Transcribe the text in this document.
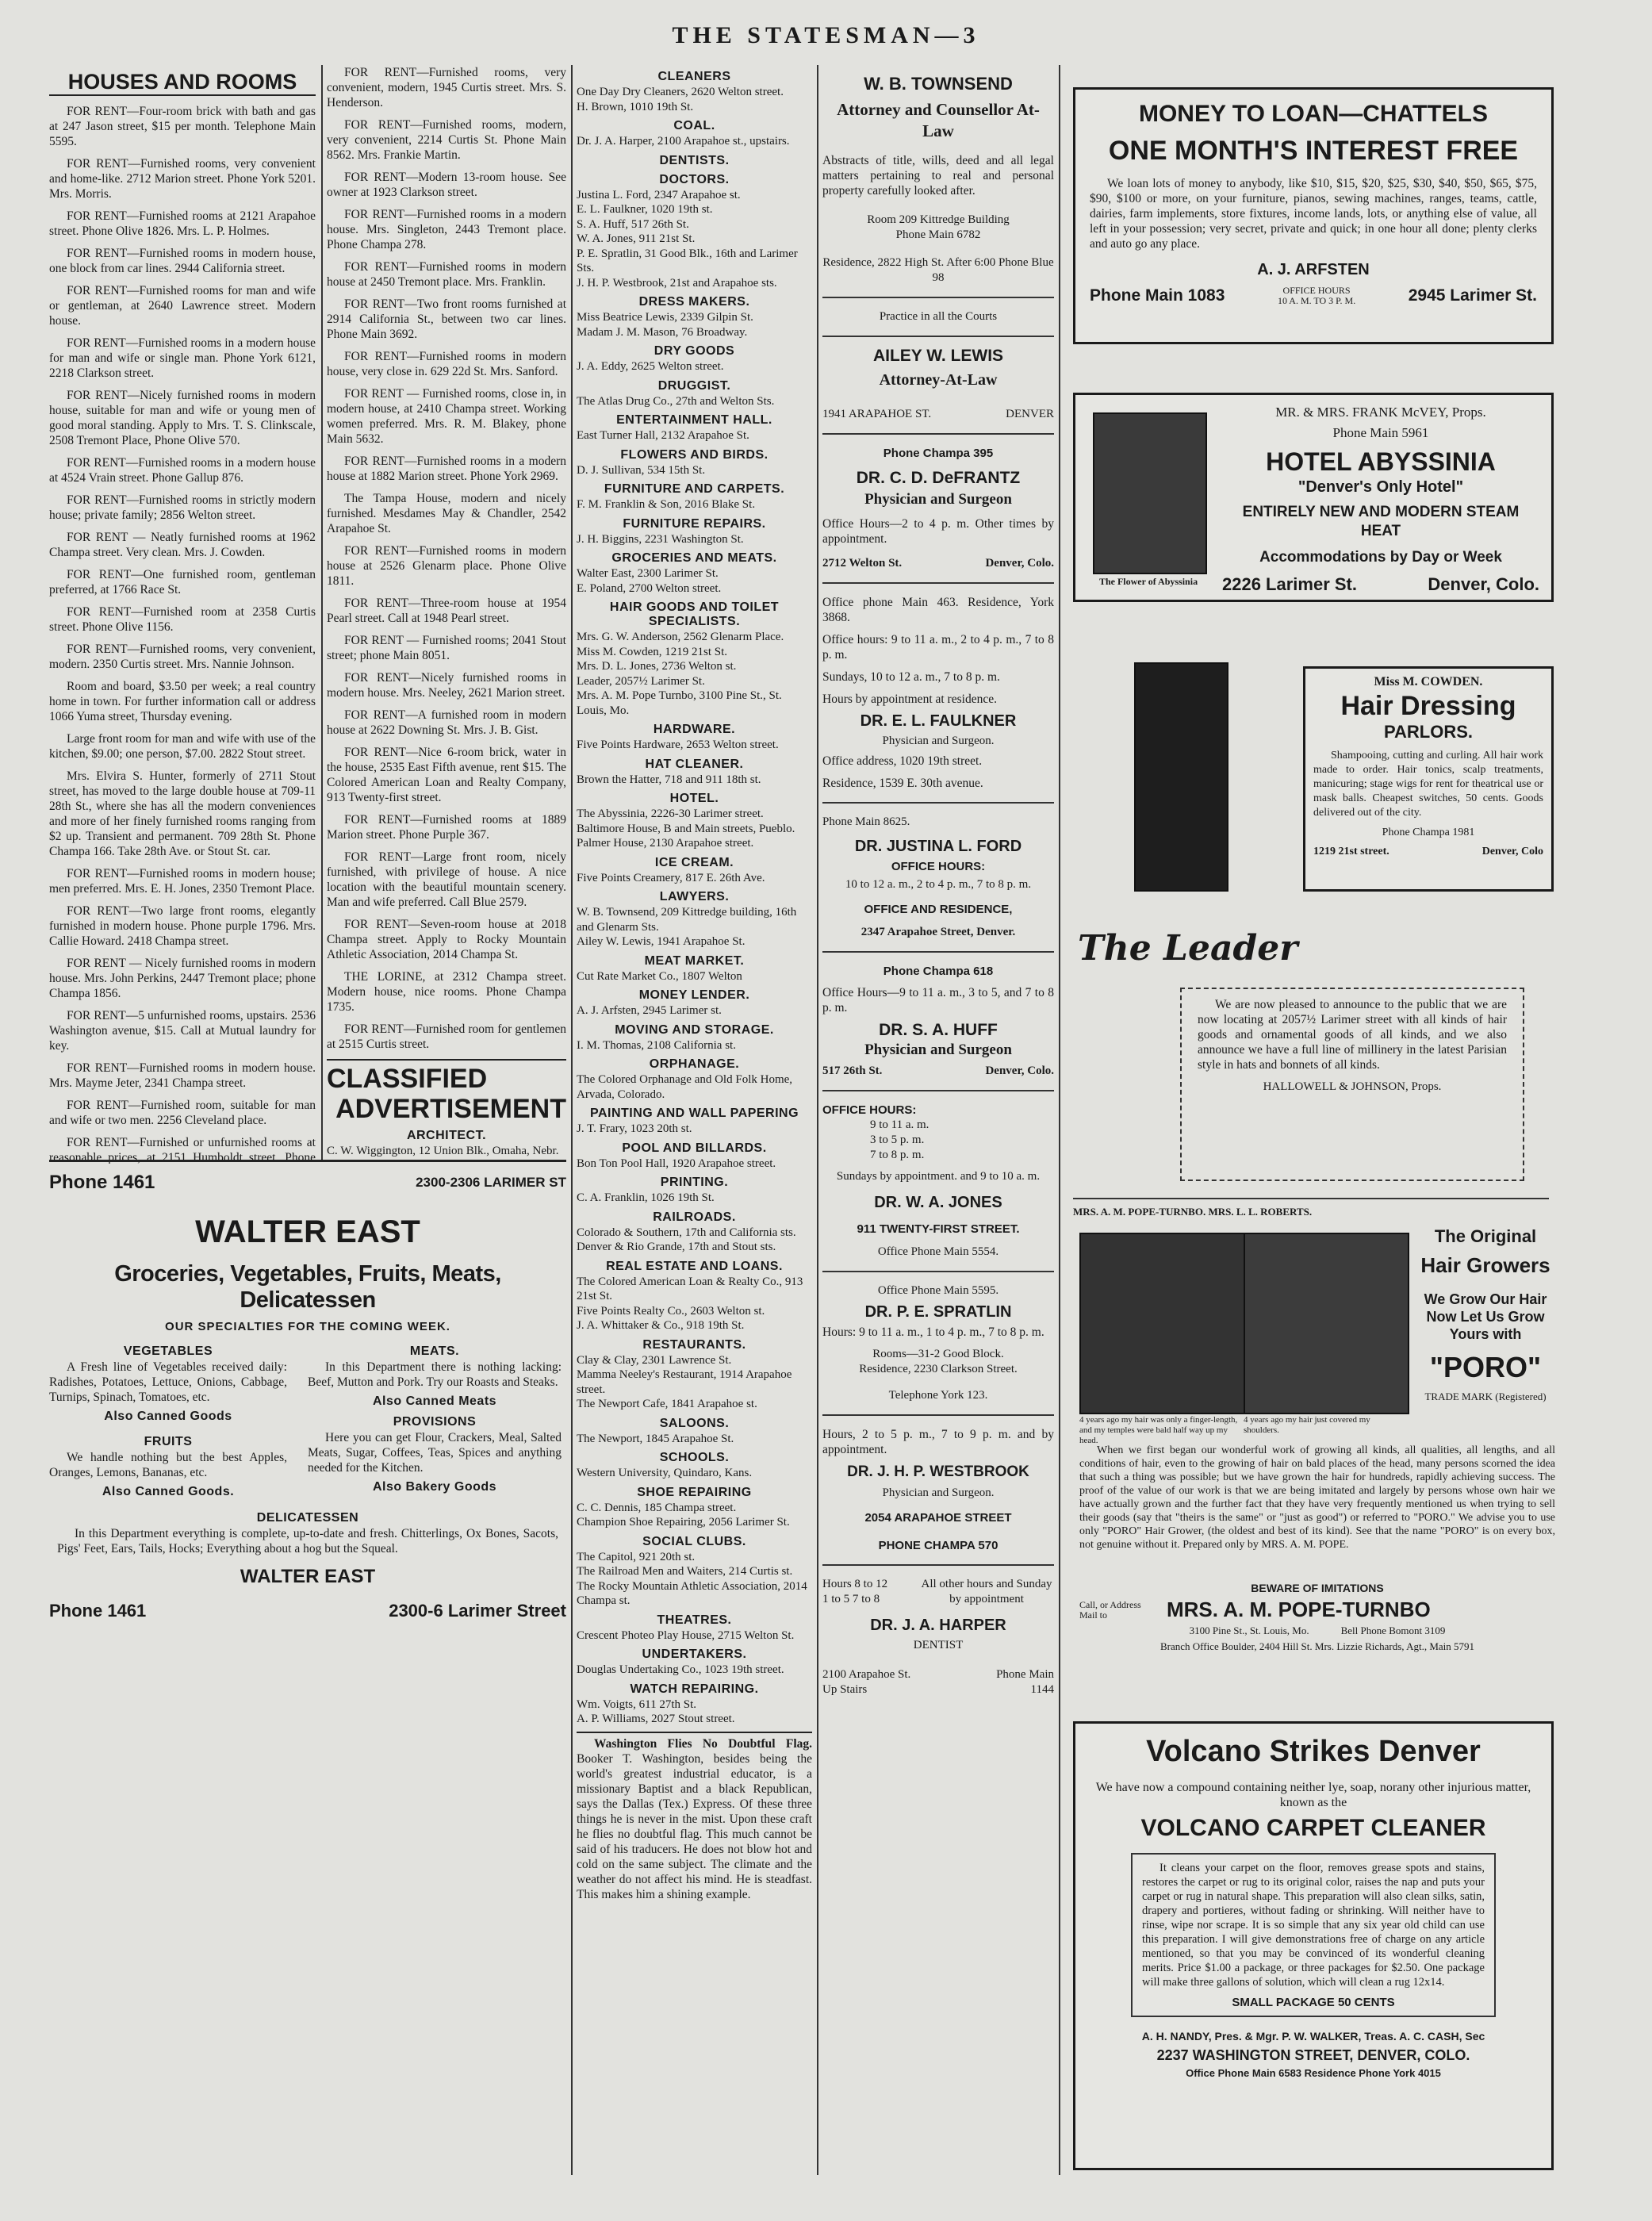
THE STATESMAN—3
HOUSES AND ROOMS

FOR RENT—Four-room brick with bath and gas at 247 Jason street, $15 per month. Telephone Main 5595.

FOR RENT—Furnished rooms, very convenient and home-like. 2712 Marion street. Phone York 5201. Mrs. Morris.

FOR RENT—Furnished rooms at 2121 Arapahoe street. Phone Olive 1826. Mrs. L. P. Holmes.

FOR RENT—Furnished rooms in modern house, one block from car lines. 2944 California street.

FOR RENT—Furnished rooms for man and wife or gentleman, at 2640 Lawrence street. Modern house.

FOR RENT—Furnished rooms in a modern house for man and wife or single man. Phone York 6121, 2218 Clarkson street.

FOR RENT—Nicely furnished rooms in modern house, suitable for man and wife or young men of good moral standing. Apply to Mrs. T. S. Clinkscale, 2508 Tremont Place, Phone Olive 570.

FOR RENT—Furnished rooms in a modern house at 4524 Vrain street. Phone Gallup 876.

FOR RENT—Furnished rooms in strictly modern house; private family; 2856 Welton street.

FOR RENT — Neatly furnished rooms at 1962 Champa street. Very clean. Mrs. J. Cowden.

FOR RENT—One furnished room, gentleman preferred, at 1766 Race St.

FOR RENT—Furnished room at 2358 Curtis street. Phone Olive 1156.

FOR RENT—Furnished rooms, very convenient, modern. 2350 Curtis street. Mrs. Nannie Johnson.

Room and board, $3.50 per week; a real country home in town. For further information call or address 1066 Yuma street, Thursday evening.

Large front room for man and wife with use of the kitchen, $9.00; one person, $7.00. 2822 Stout street.

Mrs. Elvira S. Hunter, formerly of 2711 Stout street, has moved to the large double house at 709-11 28th St., where she has all the modern conveniences and more of her finely furnished rooms ranging from $2 up. Transient and permanent. 709 28th St. Phone Champa 166. Take 28th Ave. or Stout St. car.

FOR RENT—Furnished rooms in modern house; men preferred. Mrs. E. H. Jones, 2350 Tremont Place.

FOR RENT—Two large front rooms, elegantly furnished in modern house. Phone purple 1796. Mrs. Callie Howard. 2418 Champa street.

FOR RENT — Nicely furnished rooms in modern house. Mrs. John Perkins, 2447 Tremont place; phone Champa 1856.

FOR RENT—5 unfurnished rooms, upstairs. 2536 Washington avenue, $15. Call at Mutual laundry for key.

FOR RENT—Furnished rooms in modern house. Mrs. Mayme Jeter, 2341 Champa street.

FOR RENT—Furnished room, suitable for man and wife or two men. 2256 Cleveland place.

FOR RENT—Furnished or unfurnished rooms at reasonable prices, at 2151 Humboldt street. Phone

FOR RENT—Furnished rooms, very convenient, modern, 1945 Curtis street. Mrs. S. Henderson.

FOR RENT—Furnished rooms, modern, very convenient, 2214 Curtis St. Phone Main 8562. Mrs. Frankie Martin.

FOR RENT—Modern 13-room house. See owner at 1923 Clarkson street.

FOR RENT—Furnished rooms in a modern house. Mrs. Singleton, 2443 Tremont place. Phone Champa 278.

FOR RENT—Furnished rooms in modern house at 2450 Tremont place. Mrs. Franklin.

FOR RENT—Two front rooms furnished at 2914 California St., between two car lines. Phone Main 3692.

FOR RENT—Furnished rooms in modern house, very close in. 629 22d St. Mrs. Sanford.

FOR RENT — Furnished rooms, close in, in modern house, at 2410 Champa street. Working women preferred. Mrs. R. M. Blakey, phone Main 5632.

FOR RENT—Furnished rooms in a modern house at 1882 Marion street. Phone York 2969.

The Tampa House, modern and nicely furnished. Mesdames May & Chandler, 2542 Arapahoe St.

FOR RENT—Furnished rooms in modern house at 2526 Glenarm place. Phone Olive 1811.

FOR RENT—Three-room house at 1954 Pearl street. Call at 1948 Pearl street.

FOR RENT — Furnished rooms; 2041 Stout street; phone Main 8051.

FOR RENT—Nicely furnished rooms in modern house. Mrs. Neeley, 2621 Marion street.

FOR RENT—A furnished room in modern house at 2622 Downing St. Mrs. J. B. Gist.

FOR RENT—Nice 6-room brick, water in the house, 2535 East Fifth avenue, rent $15. The Colored American Loan and Realty Company, 913 Twenty-first street.

FOR RENT—Furnished rooms at 1889 Marion street. Phone Purple 367.

FOR RENT—Large front room, nicely furnished, with privilege of house. A nice location with the beautiful mountain scenery. Man and wife preferred. Call Blue 2579.

FOR RENT—Seven-room house at 2018 Champa street. Apply to Rocky Mountain Athletic Association, 2014 Champa St.

THE LORINE, at 2312 Champa street. Modern house, nice rooms. Phone Champa 1735.

FOR RENT—Furnished room for gentlemen at 2515 Curtis street.

CLASSIFIED
ADVERTISEMENT
ARCHITECT.

C. W. Wiggington, 12 Union Blk., Omaha, Nebr.

Phone 1461	2300-2306 LARIMER ST
WALTER EAST
Groceries, Vegetables, Fruits, Meats, Delicatessen
OUR SPECIALTIES FOR THE COMING WEEK.
VEGETABLES

A Fresh line of Vegetables received daily: Radishes, Potatoes, Lettuce, Onions, Cabbage, Turnips, Spinach, Tomatoes, etc.

Also Canned Goods
FRUITS

We handle nothing but the best Apples, Oranges, Lemons, Bananas, etc.

Also Canned Goods.
MEATS.

In this Department there is nothing lacking: Beef, Mutton and Pork. Try our Roasts and Steaks.

Also Canned Meats
PROVISIONS

Here you can get Flour, Crackers, Meal, Salted Meats, Sugar, Coffees, Teas, Spices and anything needed for the Kitchen.

Also Bakery Goods
DELICATESSEN

In this Department everything is complete, up-to-date and fresh. Chitterlings, Ox Bones, Sacots, Pigs' Feet, Ears, Tails, Hocks; Everything about a hog but the Squeal.

WALTER EAST
Phone 1461	2300-6 Larimer Street
CLEANERS

One Day Dry Cleaners, 2620 Welton street.

H. Brown, 1010 19th St.

COAL.

Dr. J. A. Harper, 2100 Arapahoe st., upstairs.

DENTISTS.
DOCTORS.

Justina L. Ford, 2347 Arapahoe st.

E. L. Faulkner, 1020 19th st.

S. A. Huff, 517 26th St.

W. A. Jones, 911 21st St.

P. E. Spratlin, 31 Good Blk., 16th and Larimer Sts.

J. H. P. Westbrook, 21st and Arapahoe sts.

DRESS MAKERS.

Miss Beatrice Lewis, 2339 Gilpin St.

Madam J. M. Mason, 76 Broadway.

DRY GOODS

J. A. Eddy, 2625 Welton street.

DRUGGIST.

The Atlas Drug Co., 27th and Welton Sts.

ENTERTAINMENT HALL.

East Turner Hall, 2132 Arapahoe St.

FLOWERS AND BIRDS.

D. J. Sullivan, 534 15th St.

FURNITURE AND CARPETS.

F. M. Franklin & Son, 2016 Blake St.

FURNITURE REPAIRS.

J. H. Biggins, 2231 Washington St.

GROCERIES AND MEATS.

Walter East, 2300 Larimer St.

E. Poland, 2700 Welton street.

HAIR GOODS AND TOILET SPECIALISTS.

Mrs. G. W. Anderson, 2562 Glenarm Place.

Miss M. Cowden, 1219 21st St.

Mrs. D. L. Jones, 2736 Welton st.

Leader, 2057½ Larimer St.

Mrs. A. M. Pope Turnbo, 3100 Pine St., St. Louis, Mo.

HARDWARE.

Five Points Hardware, 2653 Welton street.

HAT CLEANER.

Brown the Hatter, 718 and 911 18th st.

HOTEL.

The Abyssinia, 2226-30 Larimer street.

Baltimore House, B and Main streets, Pueblo.

Palmer House, 2130 Arapahoe street.

ICE CREAM.

Five Points Creamery, 817 E. 26th Ave.

LAWYERS.

W. B. Townsend, 209 Kittredge building, 16th and Glenarm Sts.

Ailey W. Lewis, 1941 Arapahoe St.

MEAT MARKET.

Cut Rate Market Co., 1807 Welton

MONEY LENDER.

A. J. Arfsten, 2945 Larimer st.

MOVING AND STORAGE.

I. M. Thomas, 2108 California st.

ORPHANAGE.

The Colored Orphanage and Old Folk Home, Arvada, Colorado.

PAINTING AND WALL PAPERING

J. T. Frary, 1023 20th st.

POOL AND BILLARDS.

Bon Ton Pool Hall, 1920 Arapahoe street.

PRINTING.

C. A. Franklin, 1026 19th St.

RAILROADS.

Colorado & Southern, 17th and California sts.

Denver & Rio Grande, 17th and Stout sts.

REAL ESTATE AND LOANS.

The Colored American Loan & Realty Co., 913 21st St.

Five Points Realty Co., 2603 Welton st.

J. A. Whittaker & Co., 918 19th St.

RESTAURANTS.

Clay & Clay, 2301 Lawrence St.

Mamma Neeley's Restaurant, 1914 Arapahoe street.

The Newport Cafe, 1841 Arapahoe st.

SALOONS.

The Newport, 1845 Arapahoe St.

SCHOOLS.

Western University, Quindaro, Kans.

SHOE REPAIRING

C. C. Dennis, 185 Champa street.

Champion Shoe Repairing, 2056 Larimer St.

SOCIAL CLUBS.

The Capitol, 921 20th st.

The Railroad Men and Waiters, 214 Curtis st.

The Rocky Mountain Athletic Association, 2014 Champa st.

THEATRES.

Crescent Photeo Play House, 2715 Welton St.

UNDERTAKERS.

Douglas Undertaking Co., 1023 19th street.

WATCH REPAIRING.

Wm. Voigts, 611 27th St.

A. P. Williams, 2027 Stout street.

Washington Flies No Doubtful Flag. Booker T. Washington, besides being the world's greatest industrial educator, is a missionary Baptist and a black Republican, says the Dallas (Tex.) Express. Of these three things he is never in the mist. Upon these craft he flies no doubtful flag. This much cannot be said of his traducers. He does not blow hot and cold on the same subject. The climate and the weather do not affect his mind. He is steadfast. This makes him a shining example.

W. B. TOWNSEND
Attorney and Counsellor At-Law

Abstracts of title, wills, deed and all legal matters pertaining to real and personal property carefully looked after.

Room 209 Kittredge Building
Phone Main 6782
Residence, 2822 High St. After 6:00 Phone Blue 98
Practice in all the Courts
AILEY W. LEWIS
Attorney-At-Law
1941 ARAPAHOE ST.	DENVER
Phone Champa 395
DR. C. D. DeFRANTZ
Physician and Surgeon

Office Hours—2 to 4 p. m. Other times by appointment.

2712 Welton St.	Denver, Colo.

Office phone Main 463. Residence, York 3868.

Office hours: 9 to 11 a. m., 2 to 4 p. m., 7 to 8 p. m.

Sundays, 10 to 12 a. m., 7 to 8 p. m.

Hours by appointment at residence.

DR. E. L. FAULKNER
Physician and Surgeon.

Office address, 1020 19th street.

Residence, 1539 E. 30th avenue.

Phone Main 8625.
DR. JUSTINA L. FORD
OFFICE HOURS:
10 to 12 a. m., 2 to 4 p. m., 7 to 8 p. m.
OFFICE AND RESIDENCE,
2347 Arapahoe Street, Denver.
Phone Champa 618

Office Hours—9 to 11 a. m., 3 to 5, and 7 to 8 p. m.

DR. S. A. HUFF
Physician and Surgeon
517 26th St.	Denver, Colo.
OFFICE HOURS:
9 to 11 a. m.
3 to 5 p. m.
7 to 8 p. m.
Sundays by appointment. and 9 to 10 a. m.
DR. W. A. JONES
911 TWENTY-FIRST STREET.
Office Phone Main 5554.
Office Phone Main 5595.
DR. P. E. SPRATLIN

Hours: 9 to 11 a. m., 1 to 4 p. m., 7 to 8 p. m.

Rooms—31-2 Good Block.
Residence, 2230 Clarkson Street.
Telephone York 123.

Hours, 2 to 5 p. m., 7 to 9 p. m. and by appointment.

DR. J. H. P. WESTBROOK
Physician and Surgeon.
2054 ARAPAHOE STREET
PHONE CHAMPA 570
Hours 8 to 12 1 to 5 7 to 8
All other hours and Sunday by appointment
DR. J. A. HARPER
DENTIST
2100 Arapahoe St. Up Stairs
Phone Main 1144
MONEY TO LOAN—CHATTELS
ONE MONTH'S INTEREST FREE

We loan lots of money to anybody, like $10, $15, $20, $25, $30, $40, $50, $65, $75, $90, $100 or more, on your furniture, pianos, sewing machines, ranges, teams, cattle, dairies, farm implements, store fixtures, income lands, lots, or anything else of value, all left in your possession; very secret, private and quick; in one hour all done; plenty clerks and auto go any place.

A. J. ARFSTEN
Phone Main 1083	OFFICE HOURS 10 A. M. TO 3 P. M.	2945 Larimer St.
The Flower of Abyssinia
MR. & MRS. FRANK McVEY, Props.
Phone Main 5961
HOTEL ABYSSINIA
"Denver's Only Hotel"
ENTIRELY NEW AND MODERN STEAM HEAT
Accommodations by Day or Week
2226 Larimer St.	Denver, Colo.
Miss M. COWDEN.
Hair Dressing
PARLORS.

Shampooing, cutting and curling. All hair work made to order. Hair tonics, scalp treatments, manicuring; stage wigs for rent for theatrical use or mask balls. Cheapest switches, 50 cents. Goods delivered out of the city.

Phone Champa 1981
1219 21st street.	Denver, Colo
The Leader

We are now pleased to announce to the public that we are now locating at 2057½ Larimer street with all kinds of hair goods and ornamental goods of all kinds, and we also announce we have a full line of millinery in the latest Parisian style in hats and bonnets of all kinds.

HALLOWELL & JOHNSON, Props.
MRS. A. M. POPE-TURNBO. MRS. L. L. ROBERTS.
The Original
Hair Growers
We Grow Our Hair Now Let Us Grow Yours with
"PORO"
TRADE MARK (Registered)
4 years ago my hair was only a finger-length, and my temples were bald half way up my head.
4 years ago my hair just covered my shoulders.

When we first began our wonderful work of growing all kinds, all qualities, all lengths, and all conditions of hair, even to the growing of hair on bald places of the head, many persons scorned the idea that such a thing was possible; but we have grown the hair for hundreds, rapidly achieving success. The proof of the value of our work is that we are being imitated and largely by persons whose own hair we have actually grown and the further fact that they have very frequently mentioned us when trying to sell their goods (say that "theirs is the same" or "just as good") or referred to "PORO." We advise you to use only "PORO" Hair Grower, (the oldest and best of its kind). See that the name "PORO" is on every box, not genuine without it. Prepared only by MRS. A. M. POPE.

BEWARE OF IMITATIONS
Call, or Address Mail to	MRS. A. M. POPE-TURNBO
3100 Pine St., St. Louis, Mo.	Bell Phone Bomont 3109
Branch Office Boulder, 2404 Hill St. Mrs. Lizzie Richards, Agt., Main 5791
Volcano Strikes Denver

We have now a compound containing neither lye, soap, norany other injurious matter, known as the

VOLCANO CARPET CLEANER

It cleans your carpet on the floor, removes grease spots and stains, restores the carpet or rug to its original color, raises the nap and puts your carpet or rug in natural shape. This preparation will also clean silks, satin, drapery and portieres, without fading or shrinking. Will neither have to rinse, wipe nor scrape. It is so simple that any six year old child can use this preparation. I will give demonstrations free of charge on any article mentioned, so that you may be convinced of its wonderful cleaning merits. Price $1.00 a package, or three packages for $2.50. One package will make three gallons of solution, which will clean a rug 12x14.

SMALL PACKAGE 50 CENTS
A. H. NANDY, Pres. & Mgr. P. W. WALKER, Treas. A. C. CASH, Sec
2237 WASHINGTON STREET, DENVER, COLO.
Office Phone Main 6583 Residence Phone York 4015
